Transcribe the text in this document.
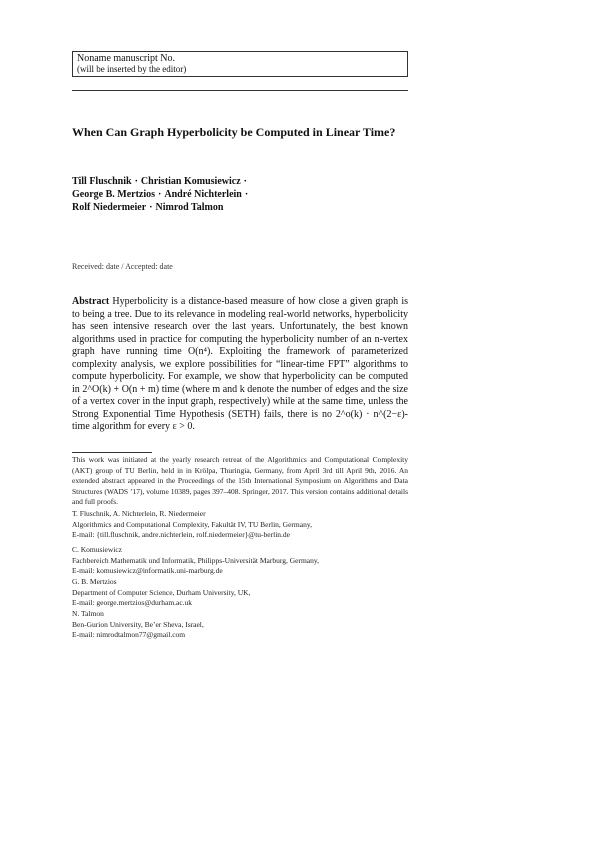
Noname manuscript No.
(will be inserted by the editor)
When Can Graph Hyperbolicity be Computed in Linear Time?
Till Fluschnik · Christian Komusiewicz ·
George B. Mertzios · André Nichterlein ·
Rolf Niedermeier · Nimrod Talmon
Received: date / Accepted: date
Abstract Hyperbolicity is a distance-based measure of how close a given graph is to being a tree. Due to its relevance in modeling real-world networks, hyperbolicity has seen intensive research over the last years. Unfortunately, the best known algorithms used in practice for computing the hyperbolicity number of an n-vertex graph have running time O(n⁴). Exploiting the framework of parameterized complexity analysis, we explore possibilities for “linear-time FPT” algorithms to compute hyperbolicity. For example, we show that hyperbolicity can be computed in 2^O(k) + O(n + m) time (where m and k denote the number of edges and the size of a vertex cover in the input graph, respectively) while at the same time, unless the Strong Exponential Time Hypothesis (SETH) fails, there is no 2^o(k) · n^(2−ε)-time algorithm for every ε > 0.
This work was initiated at the yearly research retreat of the Algorithmics and Computational Complexity (AKT) group of TU Berlin, held in in Krölpa, Thuringia, Germany, from April 3rd till April 9th, 2016. An extended abstract appeared in the Proceedings of the 15th International Symposium on Algorithms and Data Structures (WADS ’17), volume 10389, pages 397–408. Springer, 2017. This version contains additional details and full proofs.
T. Fluschnik, A. Nichterlein, R. Niedermeier
Algorithmics and Computational Complexity, Fakultät IV, TU Berlin, Germany,
E-mail: {till.fluschnik, andre.nichterlein, rolf.niedermeier}@tu-berlin.de
C. Komusiewicz
Fachbereich Mathematik und Informatik, Philipps-Universität Marburg, Germany,
E-mail: komusiewicz@informatik.uni-marburg.de
G. B. Mertzios
Department of Computer Science, Durham University, UK,
E-mail: george.mertzios@durham.ac.uk
N. Talmon
Ben-Gurion University, Be’er Sheva, Israel,
E-mail: nimrodtalmon77@gmail.com
